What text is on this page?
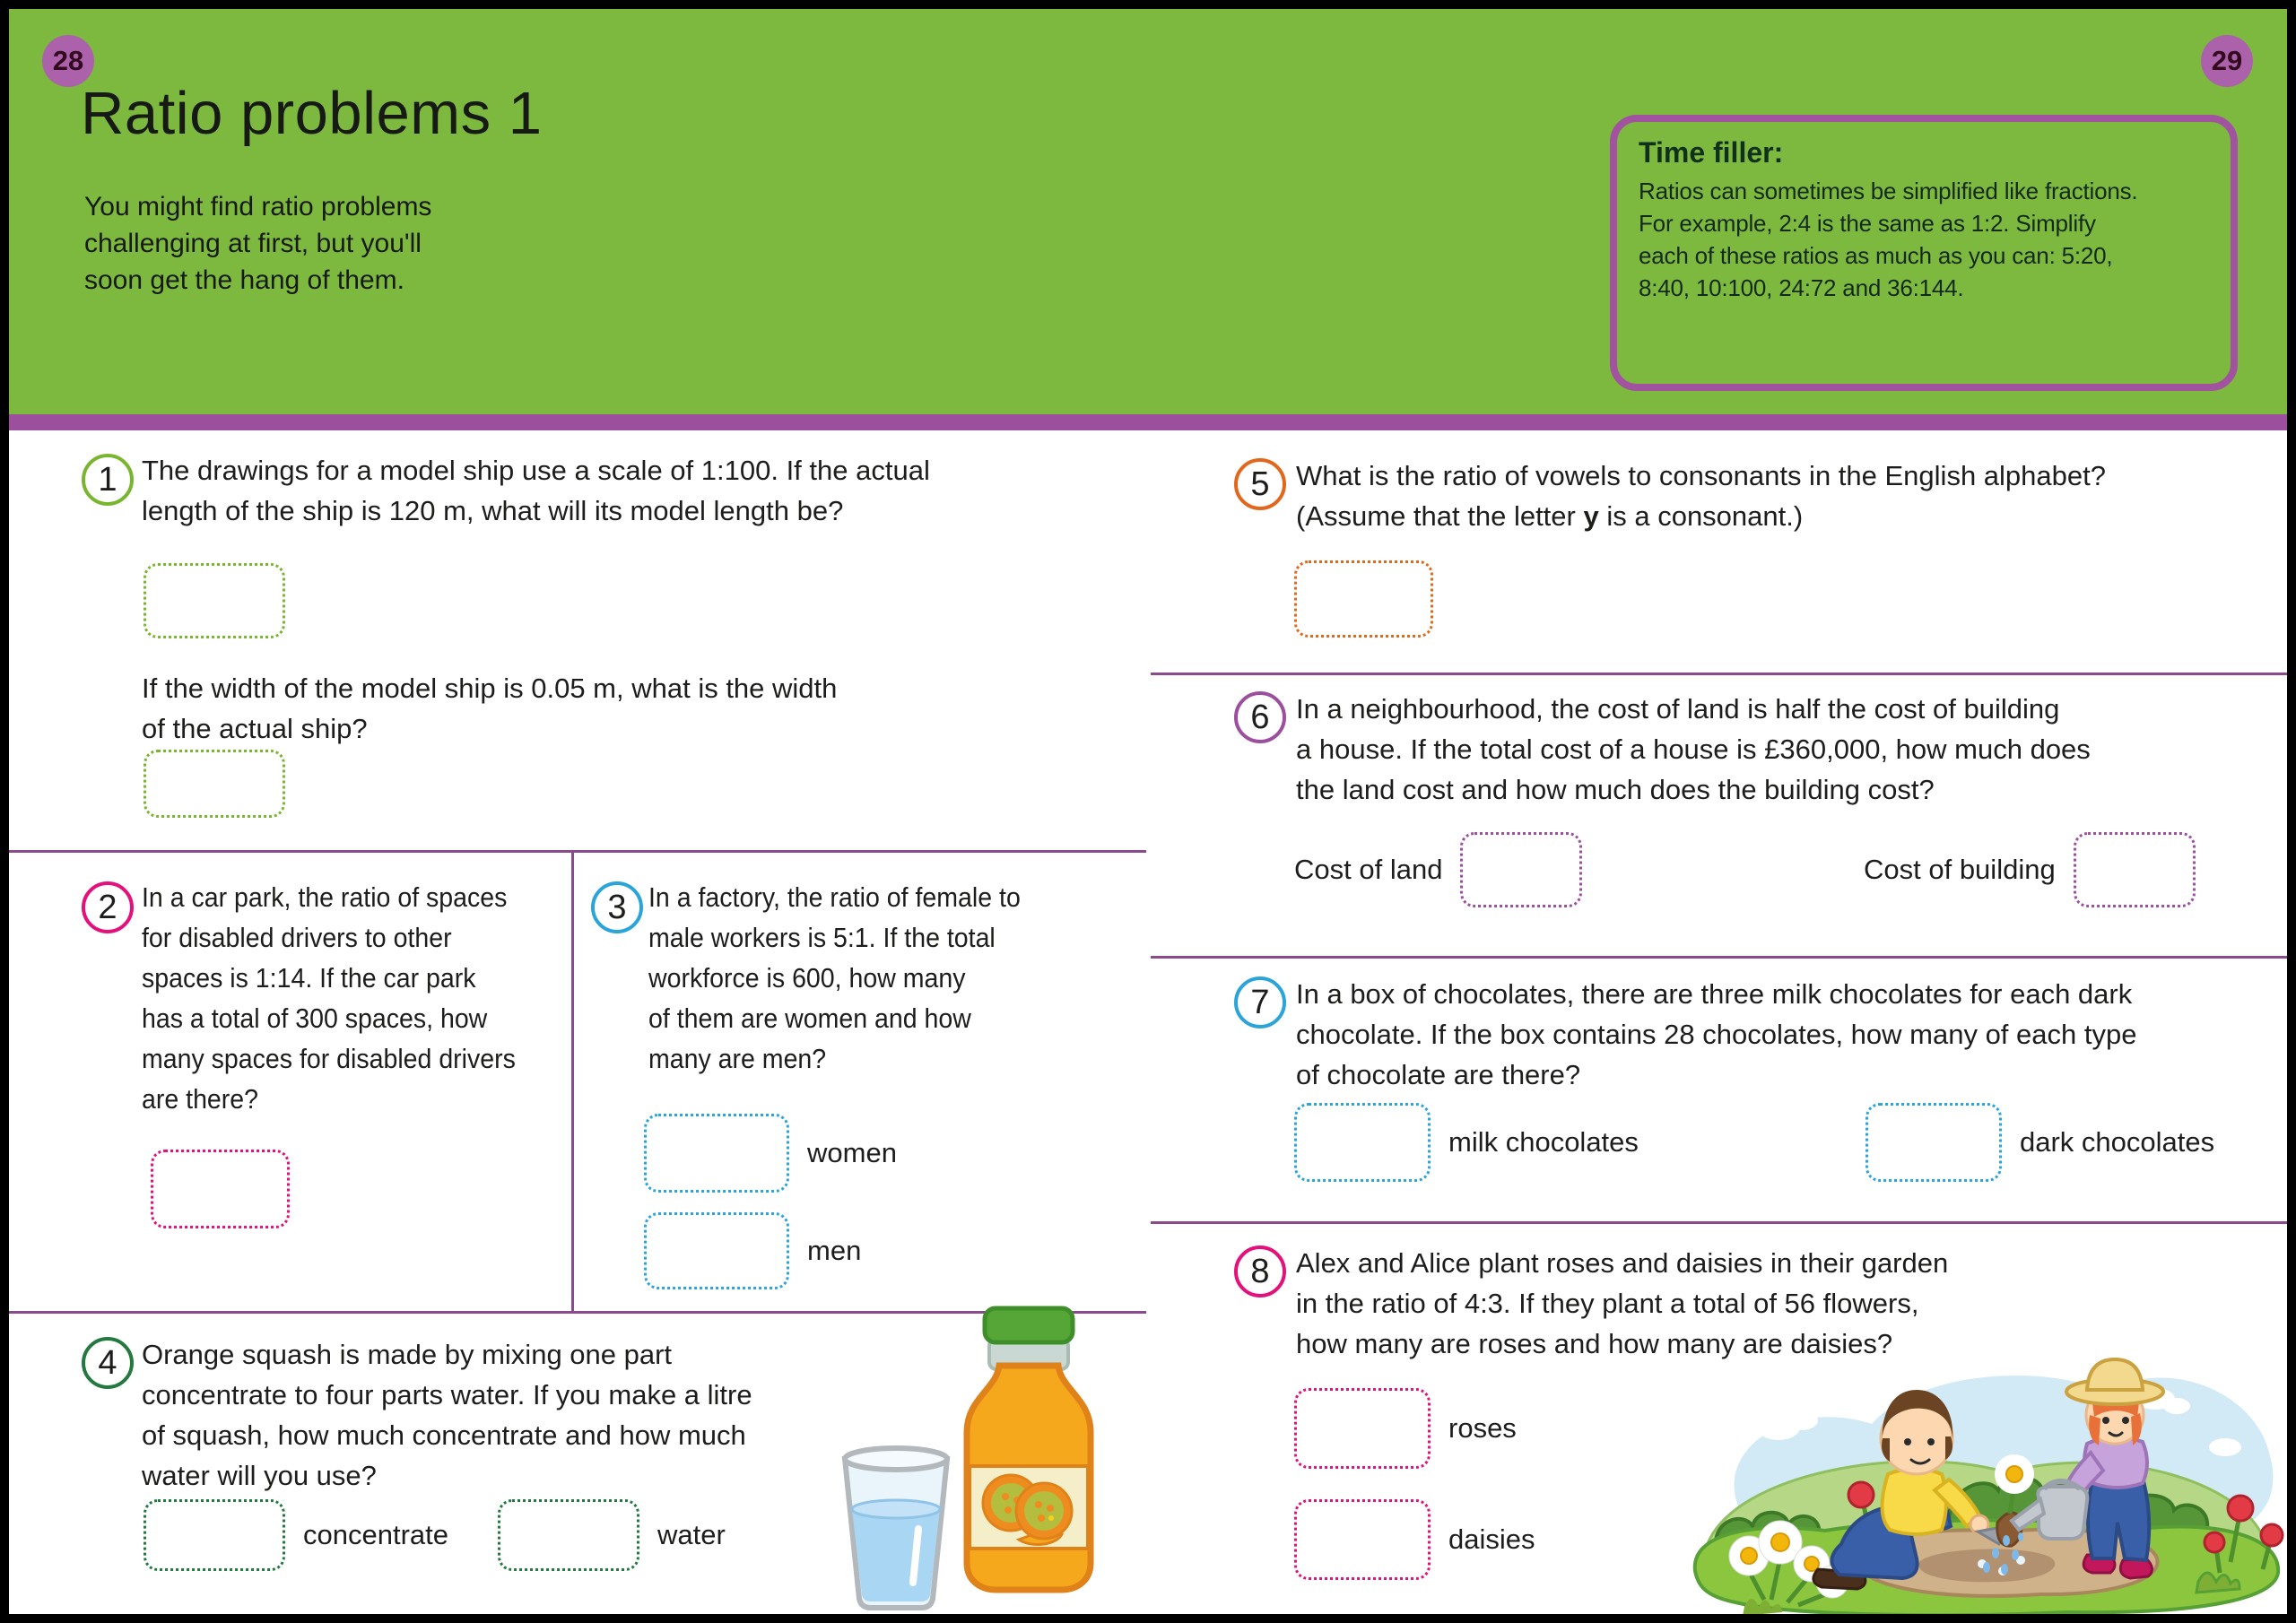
28	29
Ratio problems 1
You might find ratio problems
challenging at first, but you'll
soon get the hang of them.
Time filler:
Ratios can sometimes be simplified like fractions.
For example, 2:4 is the same as 1:2. Simplify
each of these ratios as much as you can: 5:20,
8:40, 10:100, 24:72 and 36:144.
1 The drawings for a model ship use a scale of 1:100. If the actual
length of the ship is 120 m, what will its model length be?
If the width of the model ship is 0.05 m, what is the width
of the actual ship?
2 In a car park, the ratio of spaces
for disabled drivers to other
spaces is 1:14. If the car park
has a total of 300 spaces, how
many spaces for disabled drivers
are there?
3 In a factory, the ratio of female to
male workers is 5:1. If the total
workforce is 600, how many
of them are women and how
many are men?
women
men
4 Orange squash is made by mixing one part
concentrate to four parts water. If you make a litre
of squash, how much concentrate and how much
water will you use?
concentrate	water
5 What is the ratio of vowels to consonants in the English alphabet?
(Assume that the letter y is a consonant.)
6 In a neighbourhood, the cost of land is half the cost of building
a house. If the total cost of a house is £360,000, how much does
the land cost and how much does the building cost?
Cost of land	Cost of building
7 In a box of chocolates, there are three milk chocolates for each dark
chocolate. If the box contains 28 chocolates, how many of each type
of chocolate are there?
milk chocolates	dark chocolates
8 Alex and Alice plant roses and daisies in their garden
in the ratio of 4:3. If they plant a total of 56 flowers,
how many are roses and how many are daisies?
roses
daisies
